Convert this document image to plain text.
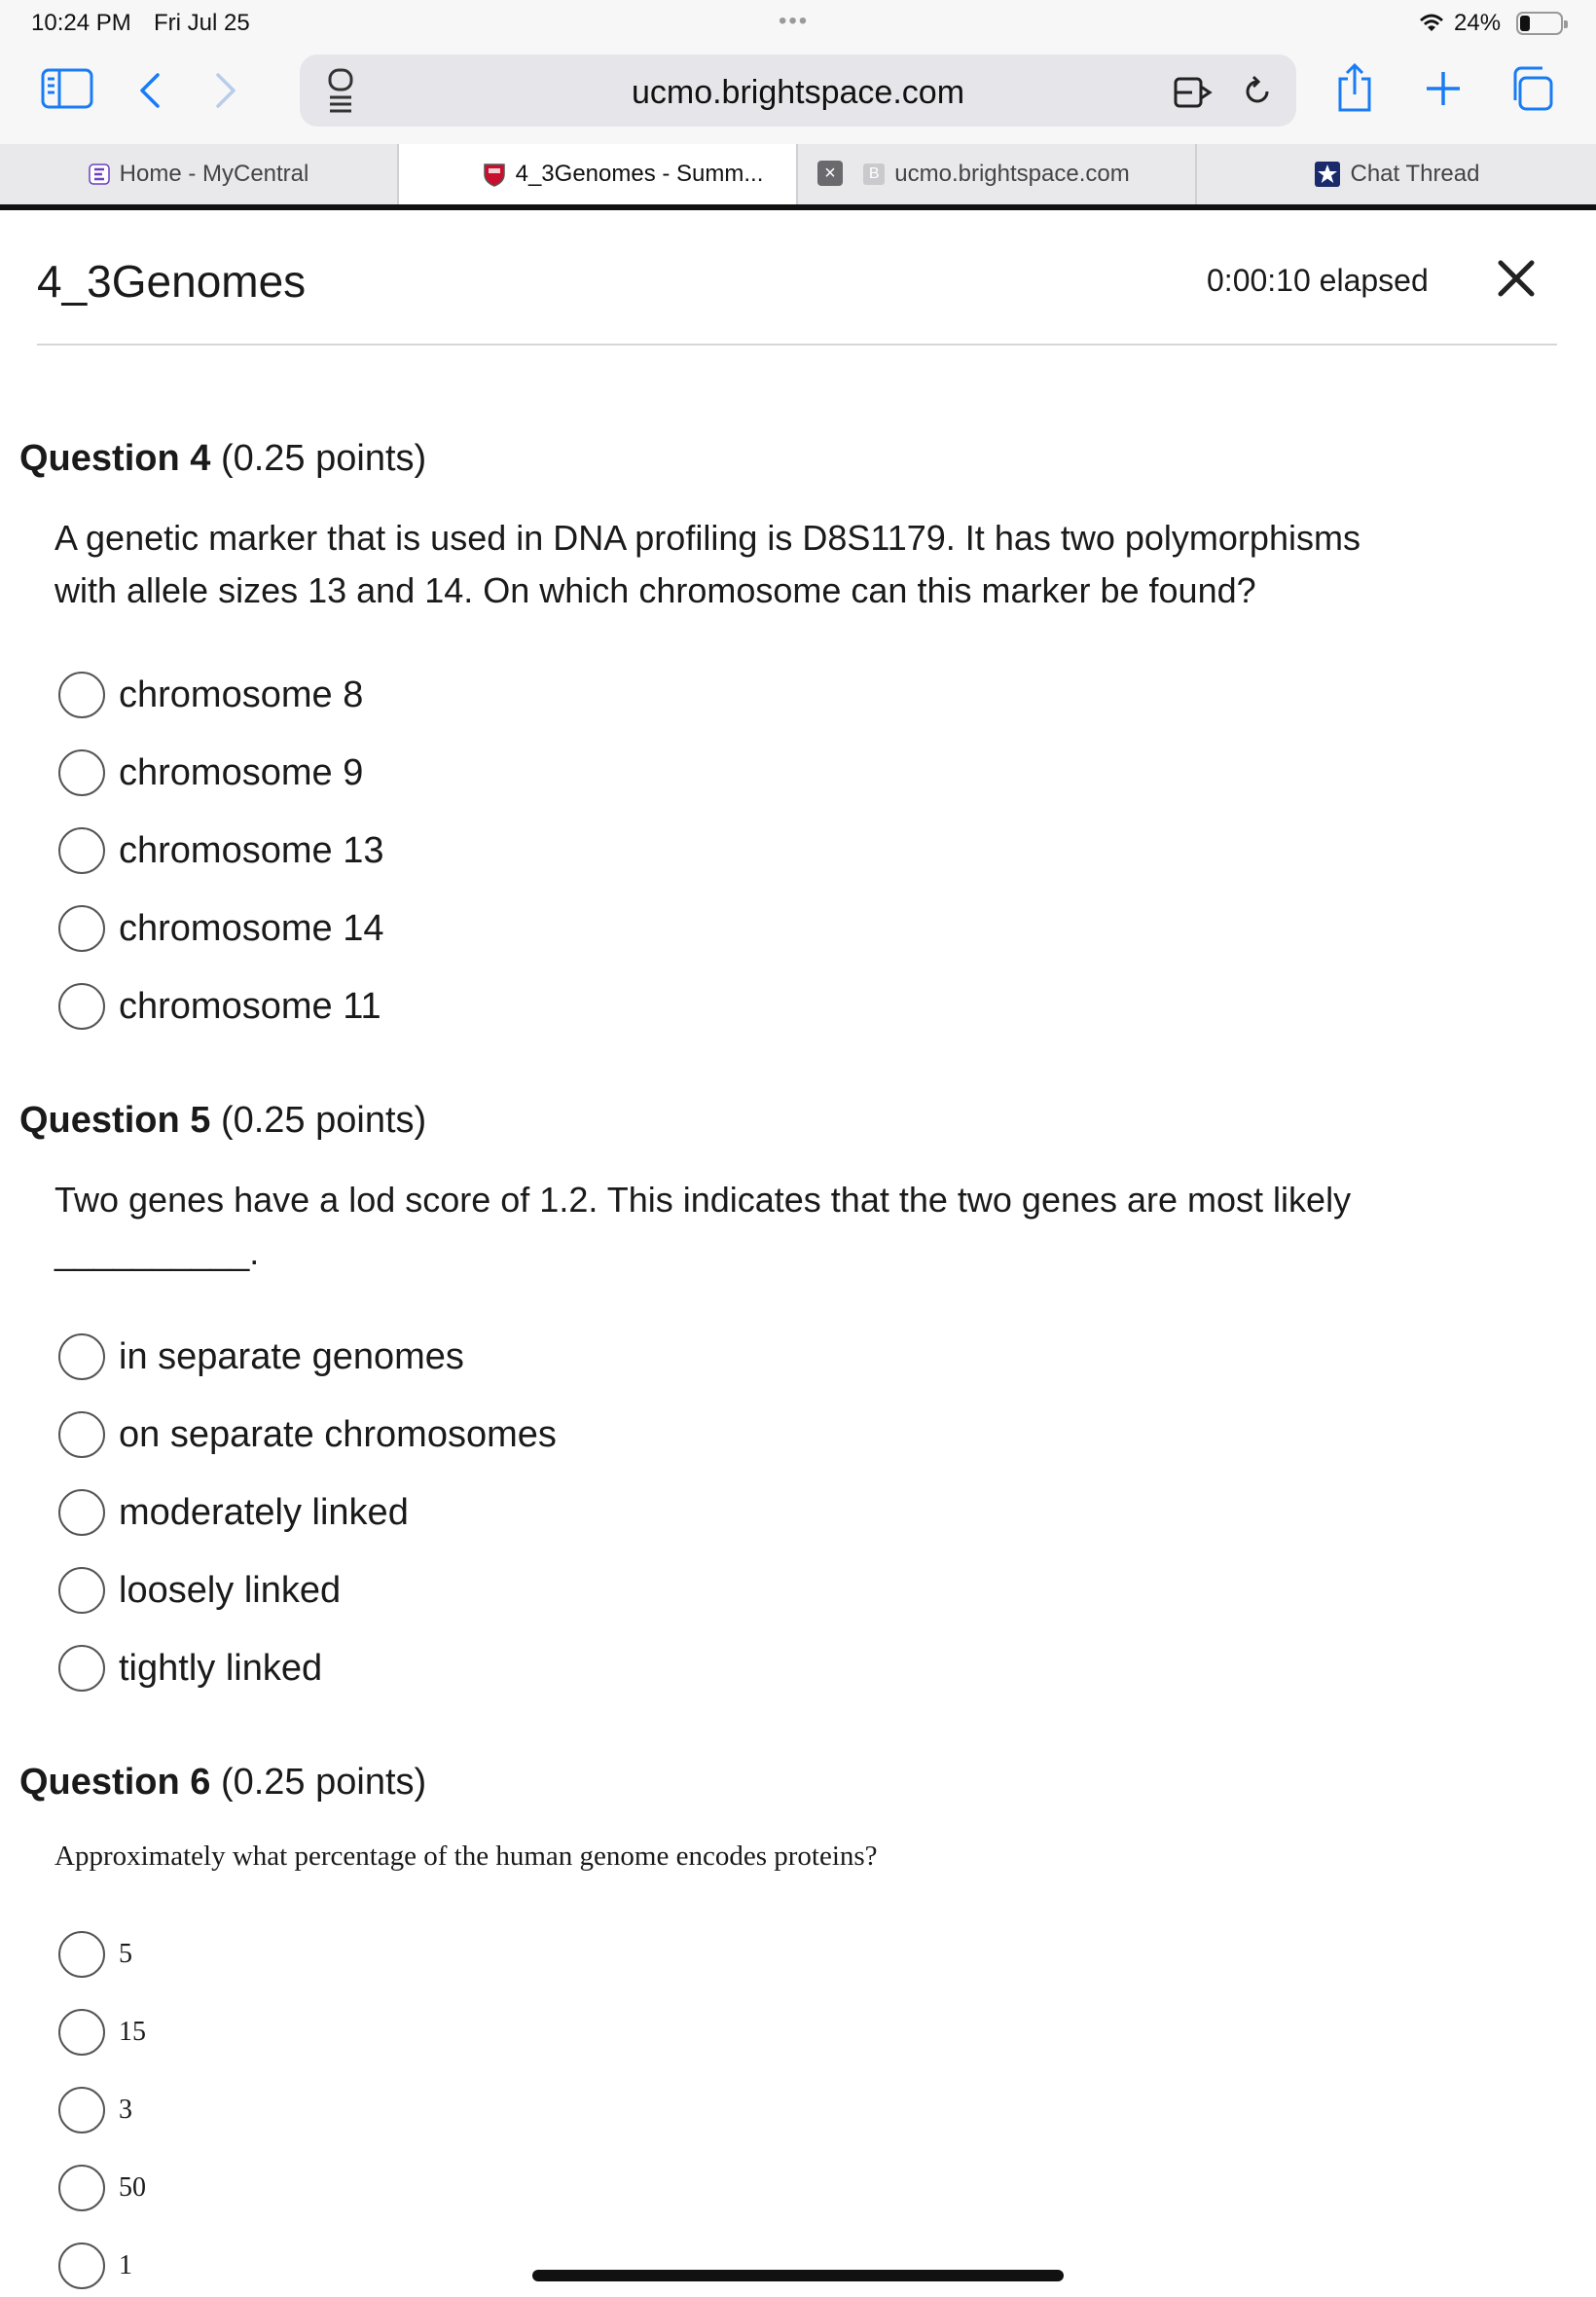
10:24 PM Fri Jul 25	•••	24%
ucmo.brightspace.com
Home - MyCentral	×
4_3Genomes - Summ...	B ucmo.brightspace.com	Chat Thread
4_3Genomes	0:00:10 elapsed
Question 4 (0.25 points)
A genetic marker that is used in DNA profiling is D8S1179. It has two polymorphisms
with allele sizes 13 and 14. On which chromosome can this marker be found?
chromosome 8
chromosome 9
chromosome 13
chromosome 14
chromosome 11
Question 5 (0.25 points)
Two genes have a lod score of 1.2. This indicates that the two genes are most likely
__________.
in separate genomes
on separate chromosomes
moderately linked
loosely linked
tightly linked
Question 6 (0.25 points)
Approximately what percentage of the human genome encodes proteins?
5
15
3
50
1
